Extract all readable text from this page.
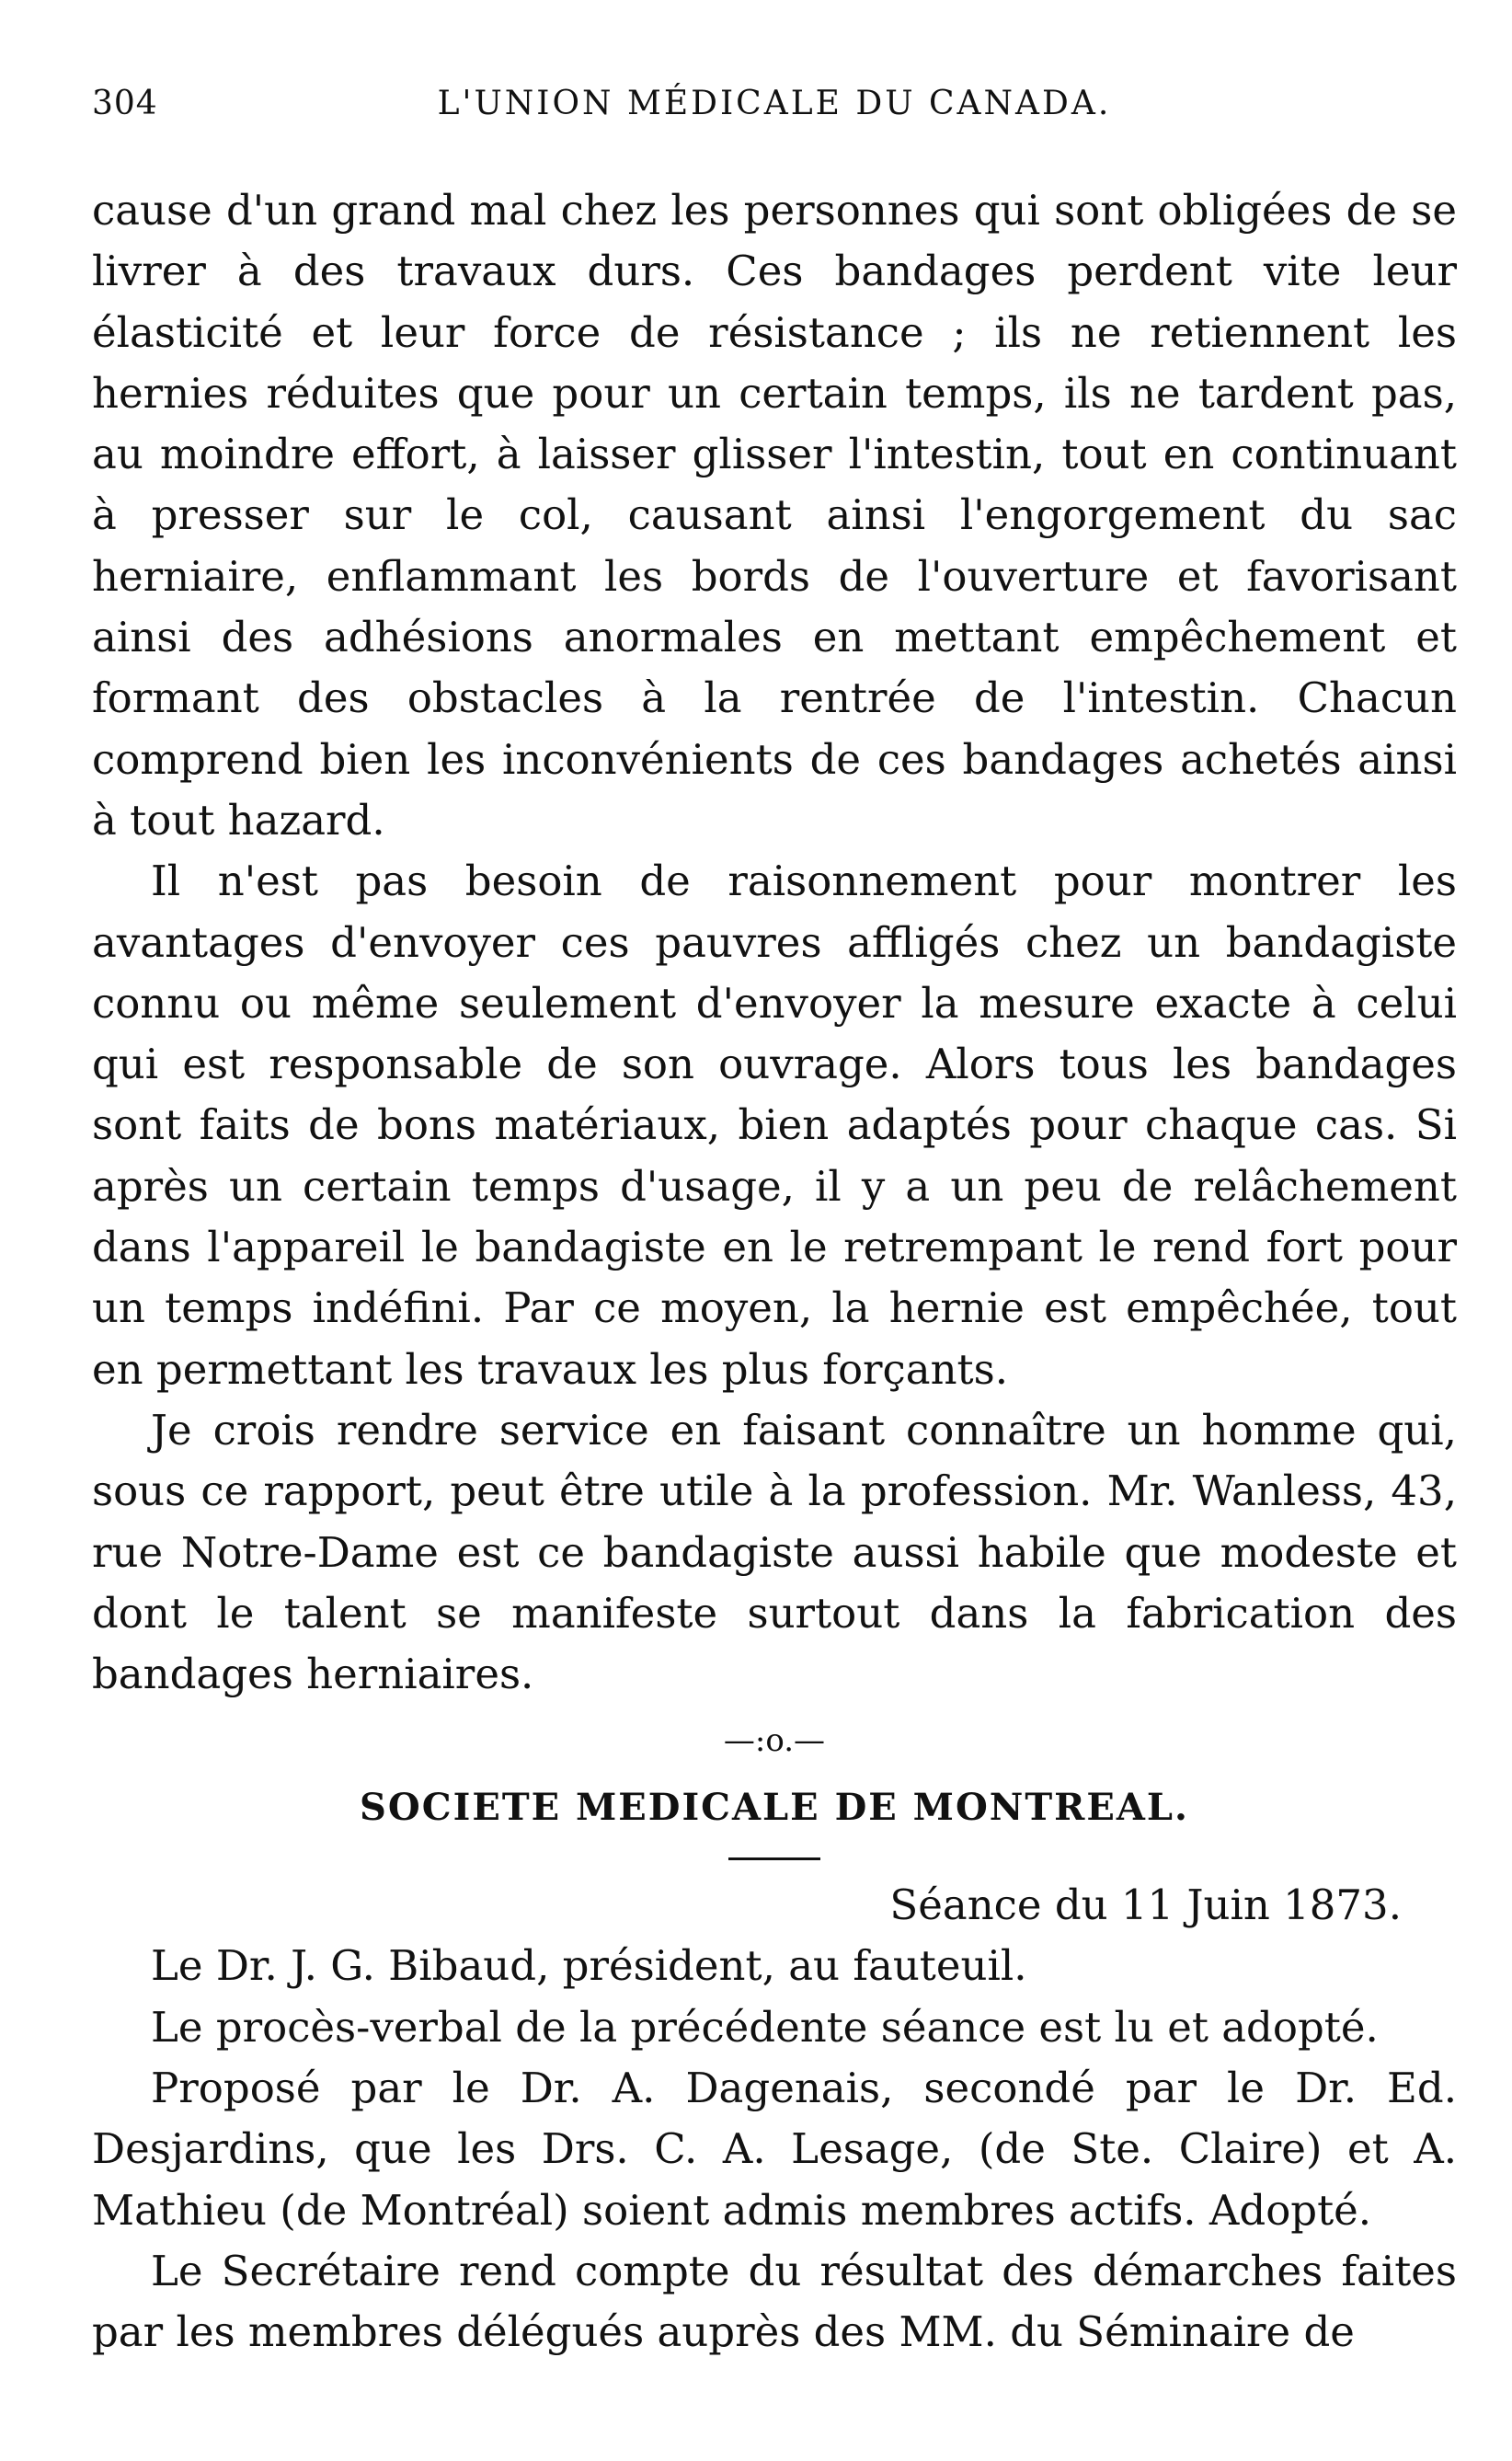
304	L'UNION MÉDICALE DU CANADA.

cause d'un grand mal chez les personnes qui sont obligées de se livrer à des travaux durs. Ces bandages perdent vite leur élasticité et leur force de résistance ; ils ne retiennent les hernies réduites que pour un certain temps, ils ne tardent pas, au moindre effort, à laisser glisser l'intestin, tout en continuant à presser sur le col, causant ainsi l'engorgement du sac herniaire, enflammant les bords de l'ouverture et favorisant ainsi des adhésions anormales en mettant empêchement et formant des obstacles à la rentrée de l'intestin. Chacun comprend bien les inconvénients de ces bandages achetés ainsi à tout hazard.

Il n'est pas besoin de raisonnement pour montrer les avantages d'envoyer ces pauvres affligés chez un bandagiste connu ou même seulement d'envoyer la mesure exacte à celui qui est responsable de son ouvrage. Alors tous les bandages sont faits de bons matériaux, bien adaptés pour chaque cas. Si après un certain temps d'usage, il y a un peu de relâchement dans l'appareil le bandagiste en le retrempant le rend fort pour un temps indéfini. Par ce moyen, la hernie est empêchée, tout en permettant les travaux les plus forçants.

Je crois rendre service en faisant connaître un homme qui, sous ce rapport, peut être utile à la profession. Mr. Wanless, 43, rue Notre-Dame est ce bandagiste aussi habile que modeste et dont le talent se manifeste surtout dans la fabrication des bandages herniaires.

—:o.—
SOCIETE MEDICALE DE MONTREAL.
Séance du 11 Juin 1873.

Le Dr. J. G. Bibaud, président, au fauteuil.

Le procès-verbal de la précédente séance est lu et adopté.

Proposé par le Dr. A. Dagenais, secondé par le Dr. Ed. Desjardins, que les Drs. C. A. Lesage, (de Ste. Claire) et A. Mathieu (de Montréal) soient admis membres actifs. Adopté.

Le Secrétaire rend compte du résultat des démarches faites par les membres délégués auprès des MM. du Séminaire de
